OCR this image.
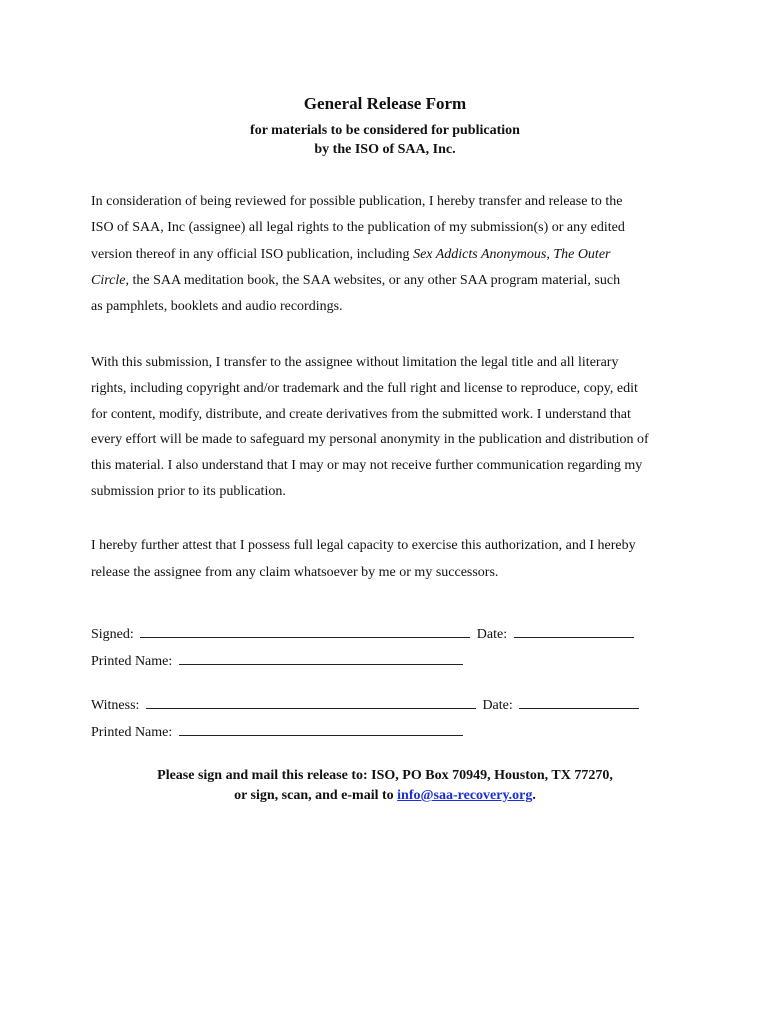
General Release Form
for materials to be considered for publication
by the ISO of SAA, Inc.
In consideration of being reviewed for possible publication, I hereby transfer and release to the
ISO of SAA, Inc (assignee) all legal rights to the publication of my submission(s) or any edited
version thereof in any official ISO publication, including Sex Addicts Anonymous, The Outer
Circle, the SAA meditation book, the SAA websites, or any other SAA program material, such
as pamphlets, booklets and audio recordings.
With this submission, I transfer to the assignee without limitation the legal title and all literary
rights, including copyright and/or trademark and the full right and license to reproduce, copy, edit
for content, modify, distribute, and create derivatives from the submitted work. I understand that
every effort will be made to safeguard my personal anonymity in the publication and distribution of
this material. I also understand that I may or may not receive further communication regarding my
submission prior to its publication.
I hereby further attest that I possess full legal capacity to exercise this authorization, and I hereby
release the assignee from any claim whatsoever by me or my successors.
Signed:	Date:
Printed Name:
Witness:	Date:
Printed Name:
Please sign and mail this release to: ISO, PO Box 70949, Houston, TX 77270,
or sign, scan, and e-mail to info@saa-recovery.org.
